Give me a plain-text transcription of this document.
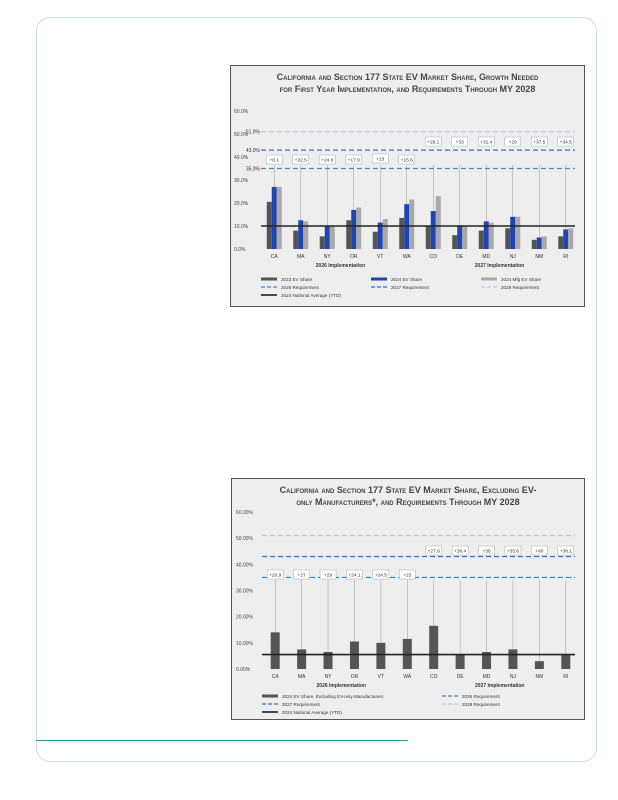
California and Section 177 State EV Market Share, Growth Needed
for First Year Implementation, and Requirements Through MY 2028
0.0%
10.0%
20.0%
30.0%
40.0%
50.0%
60.0%
35.0%
43.0%
51.0%
+8.1	+22.5	+24.8	+17.9	+23	+15.6
+29.1	+33	+31.4	+29	+37.5	+34.5
CA	MA	NY	OR	VT	WA	CO	DE	MD	NJ	NM	RI
2026 Implementation	2027 Implementation
2023 EV Share	2024 EV Share	2024 Mfg EV Share
2026 Requirement	2027 Requirement	2028 Requirement
2024 National Average (YTD)
California and Section 177 State EV Market Share, Excluding EV-
only Manufacturers*, and Requirements Through MY 2028
0.00%
10.00%
20.00%
30.00%
40.00%
50.00%
60.00%
+20.9	+27	+29	+24.1	+24.5	+23
+27.6	+38.4	+36	+35.6	+40	+38.1
CA	MA	NY	OR	VT	WA	CO	DE	MD	NJ	NM	RI
2026 Implementation	2027 Implementation
2024 EV Share, Excluding EV-only Manufacturers	2026 Requirement
2027 Requirement	2028 Requirement
2024 National Average (YTD)
